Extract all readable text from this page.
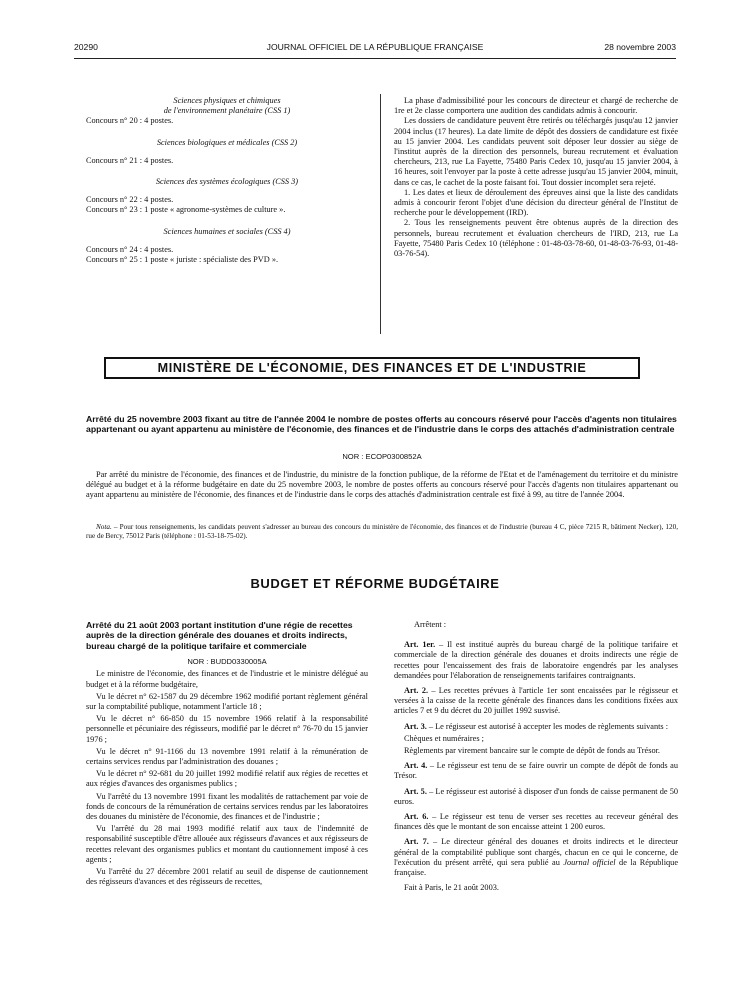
20290	JOURNAL OFFICIEL DE LA RÉPUBLIQUE FRANÇAISE	28 novembre 2003

Sciences physiques et chimiques

de l'environnement planétaire (CSS 1)

Concours n° 20 : 4 postes.

Sciences biologiques et médicales (CSS 2)

Concours n° 21 : 4 postes.

Sciences des systèmes écologiques (CSS 3)

Concours n° 22 : 4 postes.

Concours n° 23 : 1 poste « agronome-systèmes de culture ».

Sciences humaines et sociales (CSS 4)

Concours n° 24 : 4 postes.

Concours n° 25 : 1 poste « juriste : spécialiste des PVD ».

La phase d'admissibilité pour les concours de directeur et chargé de recherche de 1re et 2e classe comportera une audition des candidats admis à concourir.

Les dossiers de candidature peuvent être retirés ou téléchargés jusqu'au 12 janvier 2004 inclus (17 heures). La date limite de dépôt des dossiers de candidature est fixée au 15 janvier 2004. Les candidats peuvent soit déposer leur dossier au siège de l'institut auprès de la direction des personnels, bureau recrutement et évaluation chercheurs, 213, rue La Fayette, 75480 Paris Cedex 10, jusqu'au 15 janvier 2004, à 16 heures, soit l'envoyer par la poste à cette adresse jusqu'au 15 janvier 2004, minuit, dans ce cas, le cachet de la poste faisant foi. Tout dossier incomplet sera rejeté.

1. Les dates et lieux de déroulement des épreuves ainsi que la liste des candidats admis à concourir feront l'objet d'une décision du directeur général de l'Institut de recherche pour le développement (IRD).

2. Tous les renseignements peuvent être obtenus auprès de la direction des personnels, bureau recrutement et évaluation chercheurs de l'IRD, 213, rue La Fayette, 75480 Paris Cedex 10 (téléphone : 01-48-03-78-60, 01-48-03-76-93, 01-48-03-76-54).

MINISTÈRE DE L'ÉCONOMIE, DES FINANCES ET DE L'INDUSTRIE
Arrêté du 25 novembre 2003 fixant au titre de l'année 2004 le nombre de postes offerts au concours réservé pour l'accès d'agents non titulaires appartenant ou ayant appartenu au ministère de l'économie, des finances et de l'industrie dans le corps des attachés d'administration centrale
NOR : ECOP0300852A
Par arrêté du ministre de l'économie, des finances et de l'industrie, du ministre de la fonction publique, de la réforme de l'Etat et de l'aménagement du territoire et du ministre délégué au budget et à la réforme budgétaire en date du 25 novembre 2003, le nombre de postes offerts au concours réservé pour l'accès d'agents non titulaires appartenant ou ayant appartenu au ministère de l'économie, des finances et de l'industrie dans le corps des attachés d'administration centrale est fixé à 99, au titre de l'année 2004.
Nota. – Pour tous renseignements, les candidats peuvent s'adresser au bureau des concours du ministère de l'économie, des finances et de l'industrie (bureau 4 C, pièce 7215 R, bâtiment Necker), 120, rue de Bercy, 75012 Paris (téléphone : 01-53-18-75-02).
BUDGET ET RÉFORME BUDGÉTAIRE

Arrêté du 21 août 2003 portant institution d'une régie de recettes auprès de la direction générale des douanes et droits indirects, bureau chargé de la politique tarifaire et commerciale

NOR : BUDD0330005A

Le ministre de l'économie, des finances et de l'industrie et le ministre délégué au budget et à la réforme budgétaire,

Vu le décret n° 62-1587 du 29 décembre 1962 modifié portant règlement général sur la comptabilité publique, notamment l'article 18 ;

Vu le décret n° 66-850 du 15 novembre 1966 relatif à la responsabilité personnelle et pécuniaire des régisseurs, modifié par le décret n° 76-70 du 15 janvier 1976 ;

Vu le décret n° 91-1166 du 13 novembre 1991 relatif à la rémunération de certains services rendus par l'administration des douanes ;

Vu le décret n° 92-681 du 20 juillet 1992 modifié relatif aux régies de recettes et aux régies d'avances des organismes publics ;

Vu l'arrêté du 13 novembre 1991 fixant les modalités de rattachement par voie de fonds de concours de la rémunération de certains services rendus par les laboratoires des douanes du ministère de l'économie, des finances et de l'industrie ;

Vu l'arrêté du 28 mai 1993 modifié relatif aux taux de l'indemnité de responsabilité susceptible d'être allouée aux régisseurs d'avances et aux régisseurs de recettes relevant des organismes publics et montant du cautionnement imposé à ces agents ;

Vu l'arrêté du 27 décembre 2001 relatif au seuil de dispense de cautionnement des régisseurs d'avances et des régisseurs de recettes,

Arrêtent :

Art. 1er. – Il est institué auprès du bureau chargé de la politique tarifaire et commerciale de la direction générale des douanes et droits indirects une régie de recettes pour l'encaissement des frais de laboratoire engendrés par les analyses demandées pour l'élaboration de renseignements tarifaires contraignants.

Art. 2. – Les recettes prévues à l'article 1er sont encaissées par le régisseur et versées à la caisse de la recette générale des finances dans les conditions fixées aux articles 7 et 9 du décret du 20 juillet 1992 susvisé.

Art. 3. – Le régisseur est autorisé à accepter les modes de règlements suivants :

Chèques et numéraires ;

Règlements par virement bancaire sur le compte de dépôt de fonds au Trésor.

Art. 4. – Le régisseur est tenu de se faire ouvrir un compte de dépôt de fonds au Trésor.

Art. 5. – Le régisseur est autorisé à disposer d'un fonds de caisse permanent de 50 euros.

Art. 6. – Le régisseur est tenu de verser ses recettes au receveur général des finances dès que le montant de son encaisse atteint 1 200 euros.

Art. 7. – Le directeur général des douanes et droits indirects et le directeur général de la comptabilité publique sont chargés, chacun en ce qui le concerne, de l'exécution du présent arrêté, qui sera publié au Journal officiel de la République française.

Fait à Paris, le 21 août 2003.
